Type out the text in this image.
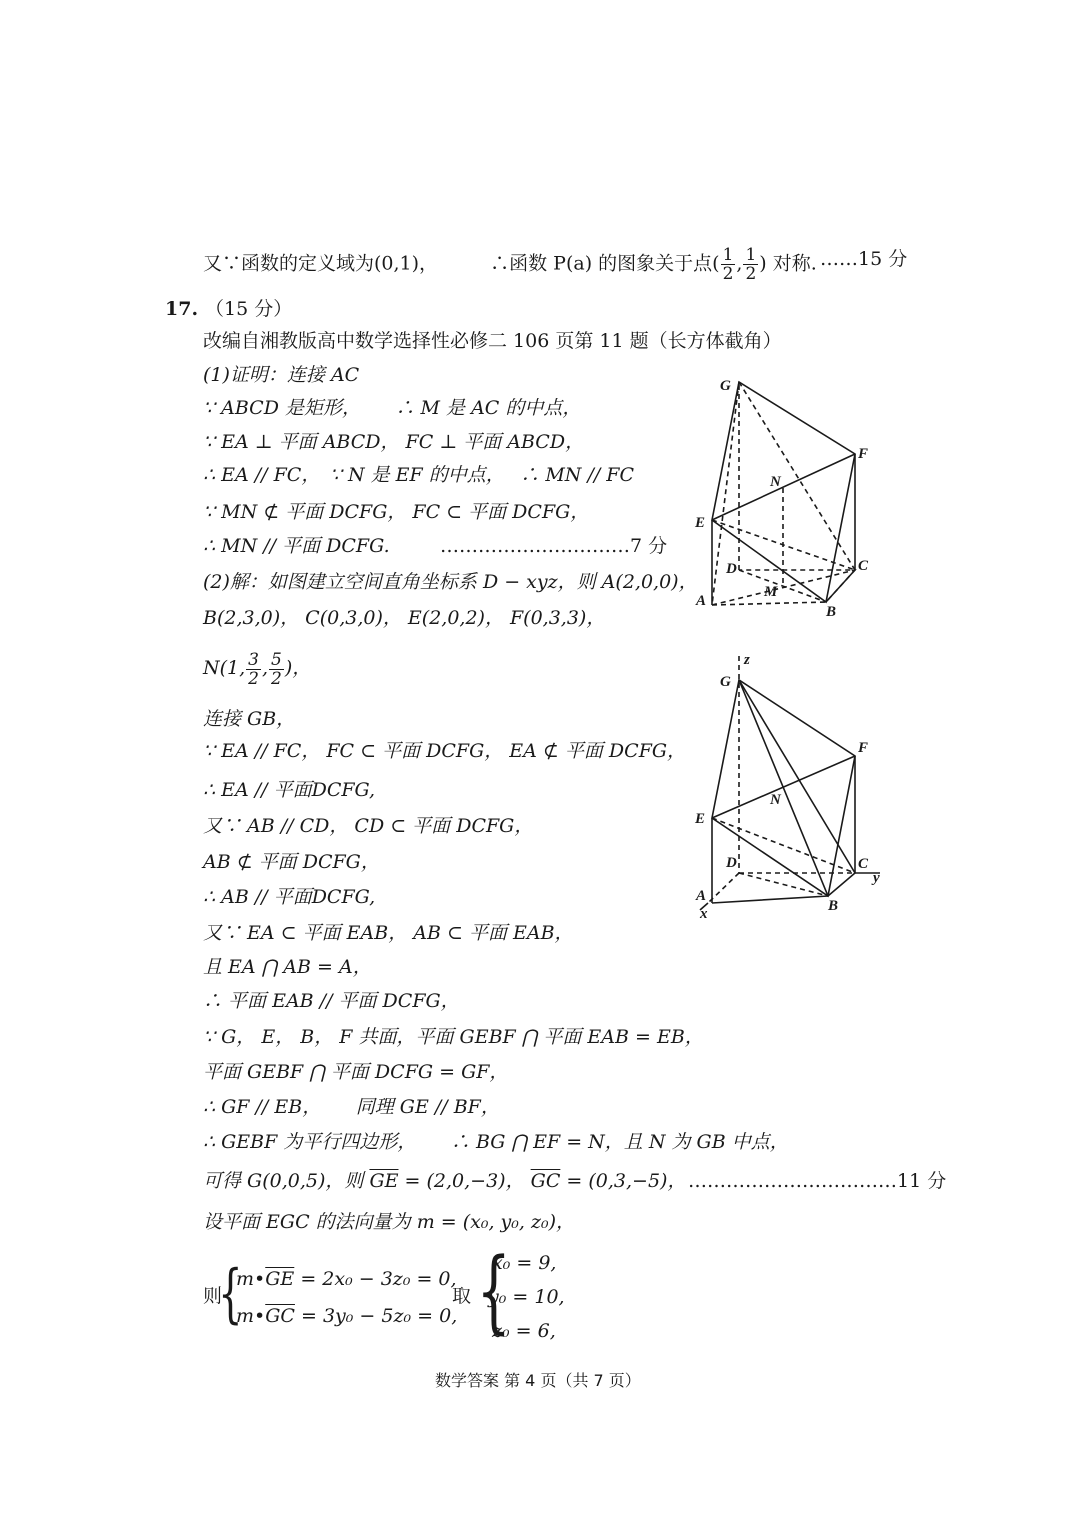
又∵函数的定义域为(0,1)，	∴函数 P(a) 的图象关于点( $\frac{1}{2}$ , $\frac{1}{2}$ ) 对称. ……15 分
17. （15 分）
改编自湘教版高中数学选择性必修二 106 页第 11 题（长方体截角）
(1)证明：连接 AC
∵ ABCD 是矩形，　　 ∴ M 是 AC 的中点，
∵ EA ⊥ 平面 ABCD， FC ⊥ 平面 ABCD，
∴ EA // FC，　∵ N 是 EF 的中点，　 ∴ MN // FC
∵ MN ⊄ 平面 DCFG， FC ⊂ 平面 DCFG，
∴ MN // 平面 DCFG.	…………………………7 分
(2)解：如图建立空间直角坐标系 D − xyz，则 A(2,0,0)，
B(2,3,0)， C(0,3,0)， E(2,0,2)， F(0,3,3)，
N(1, $\frac{3}{2}$ , $\frac{5}{2}$ )，
连接 GB，
∵ EA // FC， FC ⊂ 平面 DCFG， EA ⊄ 平面 DCFG，
∴ EA // 平面DCFG,
又∵ AB // CD， CD ⊂ 平面 DCFG，
AB ⊄ 平面 DCFG，
∴ AB // 平面DCFG,
又∵ EA ⊂ 平面 EAB， AB ⊂ 平面 EAB，
且 EA ⋂ AB = A，
∴ 平面 EAB // 平面 DCFG，
∵ G， E， B， F 共面，平面 GEBF ⋂ 平面 EAB = EB，
平面 GEBF ⋂ 平面 DCFG = GF，
∴ GF // EB，　　 同理 GE // BF，
∴ GEBF 为平行四边形，　　 ∴ BG ⋂ EF = N，且 N 为 GB 中点，
可得 G(0,0,5)，则 $\overline{GE} = (2,0,-3)$， $\overline{GC} = (0,3,-5)$， ……………………………11 分
设平面 EGC 的法向量为 m = (x₀, y₀, z₀)，
则
{
$m•\overline{GE} = 2x_0 - 3z_0 = 0$,
$m•\overline{GC} = 3y_0 - 5z_0 = 0$,
取 {
x₀ = 9,
y₀ = 10,
z₀ = 6,
G
F
N
E
D	C
A
M
B
z
G
F
N
E
D	C
y
A
x	B
数学答案 第 4 页（共 7 页）
